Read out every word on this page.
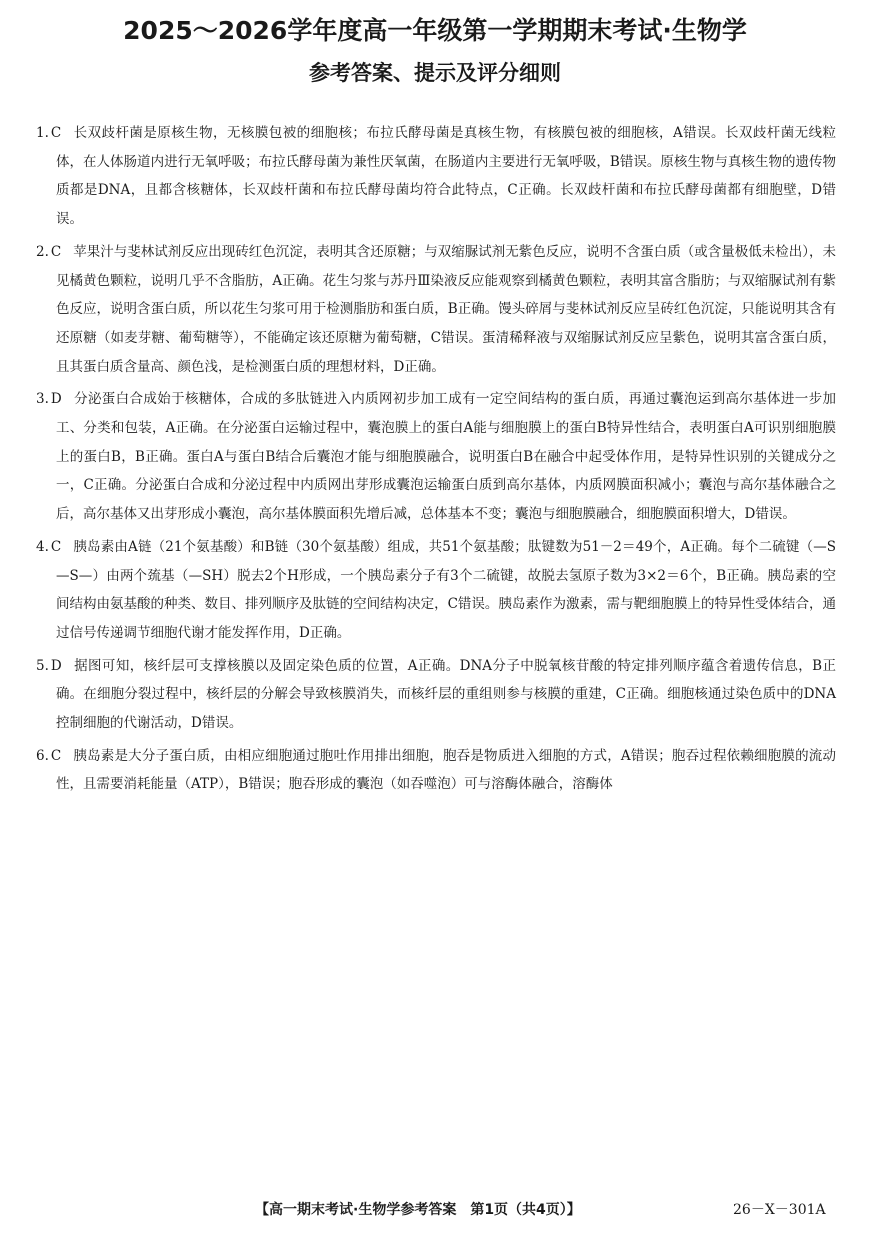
2025～2026学年度高一年级第一学期期末考试·生物学
参考答案、提示及评分细则

1. C 长双歧杆菌是原核生物，无核膜包被的细胞核；布拉氏酵母菌是真核生物，有核膜包被的细胞核，A错误。长双歧杆菌无线粒体，在人体肠道内进行无氧呼吸；布拉氏酵母菌为兼性厌氧菌，在肠道内主要进行无氧呼吸，B错误。原核生物与真核生物的遗传物质都是DNA，且都含核糖体，长双歧杆菌和布拉氏酵母菌均符合此特点，C正确。长双歧杆菌和布拉氏酵母菌都有细胞壁，D错误。

2. C 苹果汁与斐林试剂反应出现砖红色沉淀，表明其含还原糖；与双缩脲试剂无紫色反应，说明不含蛋白质（或含量极低未检出），未见橘黄色颗粒，说明几乎不含脂肪，A正确。花生匀浆与苏丹Ⅲ染液反应能观察到橘黄色颗粒，表明其富含脂肪；与双缩脲试剂有紫色反应，说明含蛋白质，所以花生匀浆可用于检测脂肪和蛋白质，B正确。馒头碎屑与斐林试剂反应呈砖红色沉淀，只能说明其含有还原糖（如麦芽糖、葡萄糖等），不能确定该还原糖为葡萄糖，C错误。蛋清稀释液与双缩脲试剂反应呈紫色，说明其富含蛋白质，且其蛋白质含量高、颜色浅，是检测蛋白质的理想材料，D正确。

3. D 分泌蛋白合成始于核糖体，合成的多肽链进入内质网初步加工成有一定空间结构的蛋白质，再通过囊泡运到高尔基体进一步加工、分类和包装，A正确。在分泌蛋白运输过程中，囊泡膜上的蛋白A能与细胞膜上的蛋白B特异性结合，表明蛋白A可识别细胞膜上的蛋白B，B正确。蛋白A与蛋白B结合后囊泡才能与细胞膜融合，说明蛋白B在融合中起受体作用，是特异性识别的关键成分之一，C正确。分泌蛋白合成和分泌过程中内质网出芽形成囊泡运输蛋白质到高尔基体，内质网膜面积减小；囊泡与高尔基体融合之后，高尔基体又出芽形成小囊泡，高尔基体膜面积先增后减，总体基本不变；囊泡与细胞膜融合，细胞膜面积增大，D错误。

4. C 胰岛素由A链（21个氨基酸）和B链（30个氨基酸）组成，共51个氨基酸；肽键数为51－2＝49个，A正确。每个二硫键（—S—S—）由两个巯基（—SH）脱去2个H形成，一个胰岛素分子有3个二硫键，故脱去氢原子数为3×2＝6个，B正确。胰岛素的空间结构由氨基酸的种类、数目、排列顺序及肽链的空间结构决定，C错误。胰岛素作为激素，需与靶细胞膜上的特异性受体结合，通过信号传递调节细胞代谢才能发挥作用，D正确。

5. D 据图可知，核纤层可支撑核膜以及固定染色质的位置，A正确。DNA分子中脱氧核苷酸的特定排列顺序蕴含着遗传信息，B正确。在细胞分裂过程中，核纤层的分解会导致核膜消失，而核纤层的重组则参与核膜的重建，C正确。细胞核通过染色质中的DNA控制细胞的代谢活动，D错误。

6. C 胰岛素是大分子蛋白质，由相应细胞通过胞吐作用排出细胞，胞吞是物质进入细胞的方式，A错误；胞吞过程依赖细胞膜的流动性，且需要消耗能量（ATP），B错误；胞吞形成的囊泡（如吞噬泡）可与溶酶体融合，溶酶体

【高一期末考试·生物学参考答案　第1页（共4页）】	26－X－301A
